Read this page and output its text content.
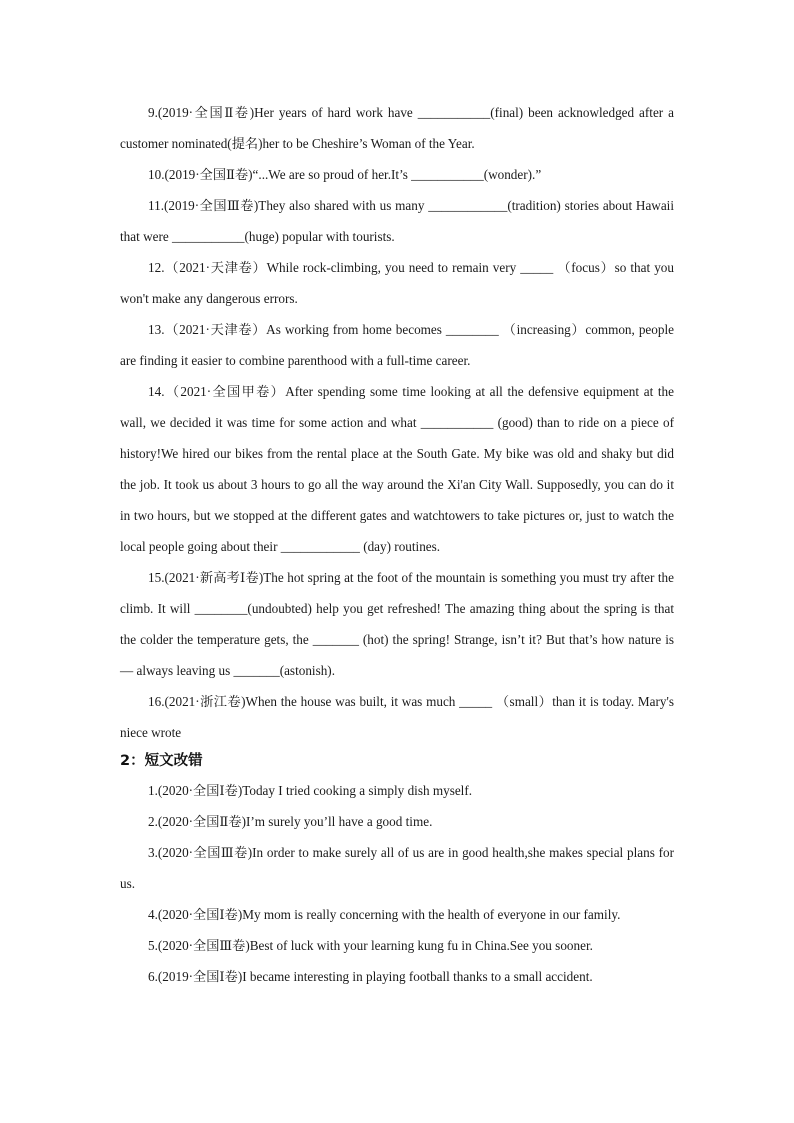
9.(2019·全国Ⅱ卷)Her years of hard work have ___________(final) been acknowledged after a customer nominated(提名)her to be Cheshire’s Woman of the Year.

10.(2019·全国Ⅱ卷)“...We are so proud of her.It’s ___________(wonder).”

11.(2019·全国Ⅲ卷)They also shared with us many ____________(tradition) stories about Hawaii that were ___________(huge) popular with tourists.

12.（2021·天津卷）While rock-climbing, you need to remain very _____ （focus）so that you won't make any dangerous errors.

13.（2021·天津卷）As working from home becomes ________ （increasing）common, people are finding it easier to combine parenthood with a full-time career.

14.（2021·全国甲卷）After spending some time looking at all the defensive equipment at the wall, we decided it was time for some action and what ___________ (good) than to ride on a piece of history!We hired our bikes from the rental place at the South Gate. My bike was old and shaky but did the job. It took us about 3 hours to go all the way around the Xi'an City Wall. Supposedly, you can do it in two hours, but we stopped at the different gates and watchtowers to take pictures or, just to watch the local people going about their ____________ (day) routines.

15.(2021·新高考Ⅰ卷)The hot spring at the foot of the mountain is something you must try after the climb. It will ________(undoubted) help you get refreshed! The amazing thing about the spring is that the colder the temperature gets, the _______ (hot) the spring! Strange, isn’t it? But that’s how nature is — always leaving us _______(astonish).

16.(2021·浙江卷)When the house was built, it was much _____ （small）than it is today. Mary's niece wrote

2：短文改错

1.(2020·全国Ⅰ卷)Today I tried cooking a simply dish myself.

2.(2020·全国Ⅱ卷)I’m surely you’ll have a good time.

3.(2020·全国Ⅲ卷)In order to make surely all of us are in good health,she makes special plans for us.

4.(2020·全国Ⅰ卷)My mom is really concerning with the health of everyone in our family.

5.(2020·全国Ⅲ卷)Best of luck with your learning kung fu in China.See you sooner.

6.(2019·全国Ⅰ卷)I became interesting in playing football thanks to a small accident.
